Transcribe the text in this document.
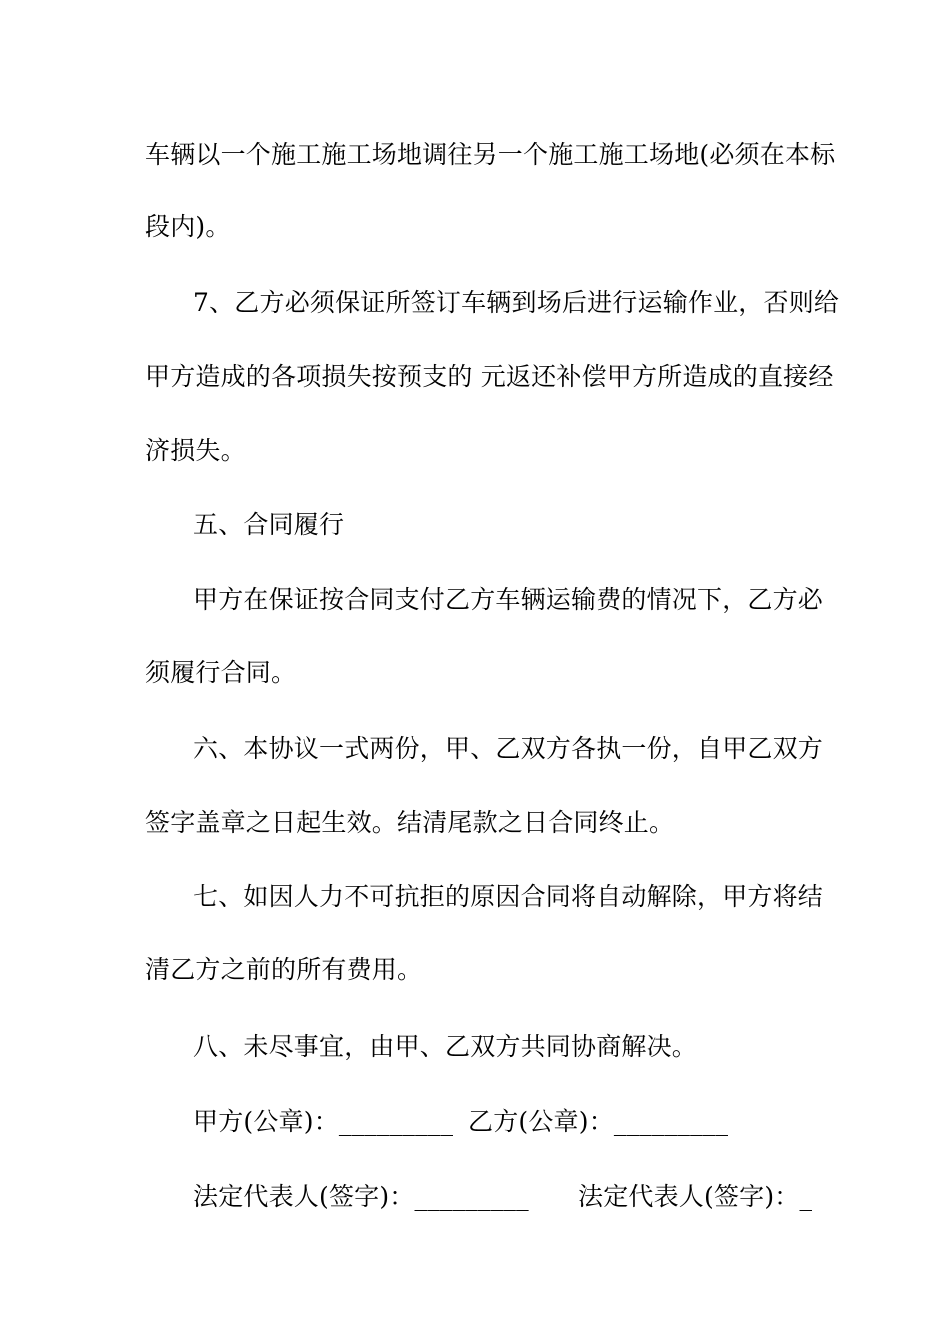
车辆以一个施工施工场地调往另一个施工施工场地(必须在本标
段内)。
7、乙方必须保证所签订车辆到场后进行运输作业，否则给
甲方造成的各项损失按预支的 元返还补偿甲方所造成的直接经
济损失。
五、合同履行
甲方在保证按合同支付乙方车辆运输费的情况下，乙方必
须履行合同。
六、本协议一式两份，甲、乙双方各执一份，自甲乙双方
签字盖章之日起生效。结清尾款之日合同终止。
七、如因人力不可抗拒的原因合同将自动解除，甲方将结
清乙方之前的所有费用。
八、未尽事宜，由甲、乙双方共同协商解决。
甲方(公章)：_________ 乙方(公章)：_________
法定代表人(签字)：_________ 法定代表人(签字)：_
